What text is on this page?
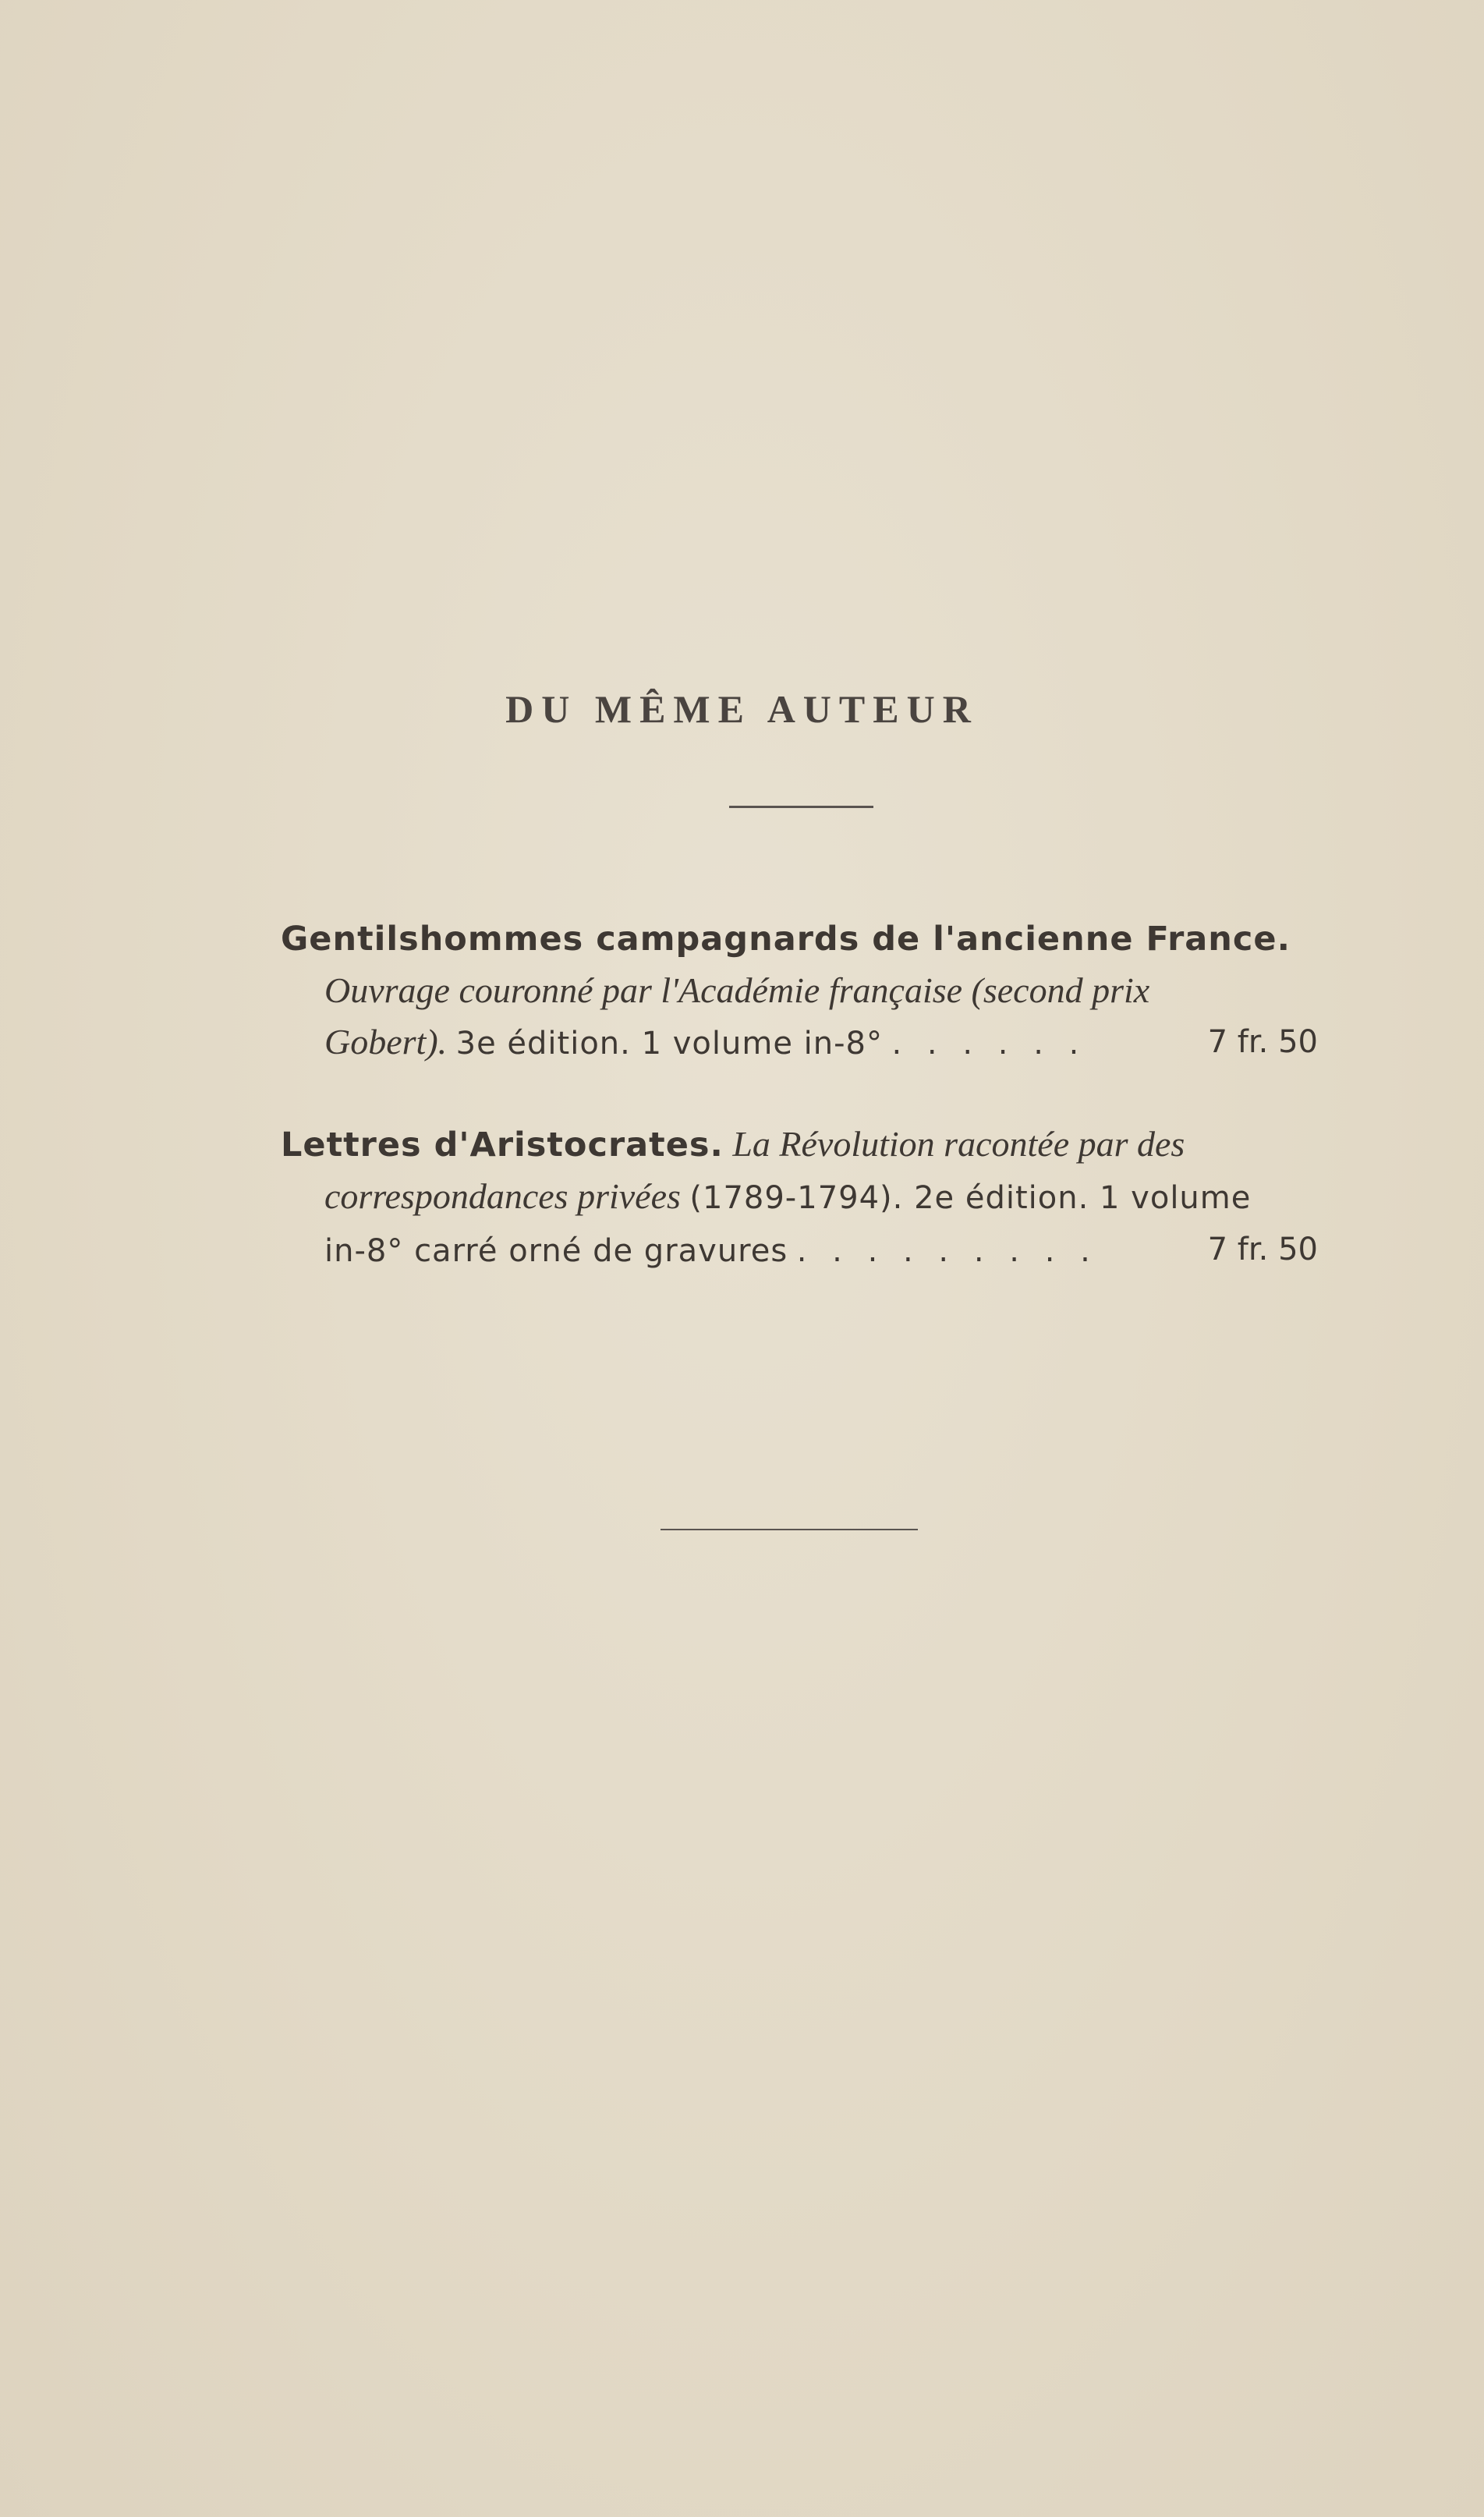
DU MÊME AUTEUR
Gentilshommes campagnards de l'ancienne France.
Ouvrage couronné par l'Académie française (second prix
Gobert). 3e édition. 1 volume in-8° . . . . . .	7 fr. 50
Lettres d'Aristocrates. La Révolution racontée par des
correspondances privées (1789-1794). 2e édition. 1 volume
in-8° carré orné de gravures . . . . . . . . .	7 fr. 50
